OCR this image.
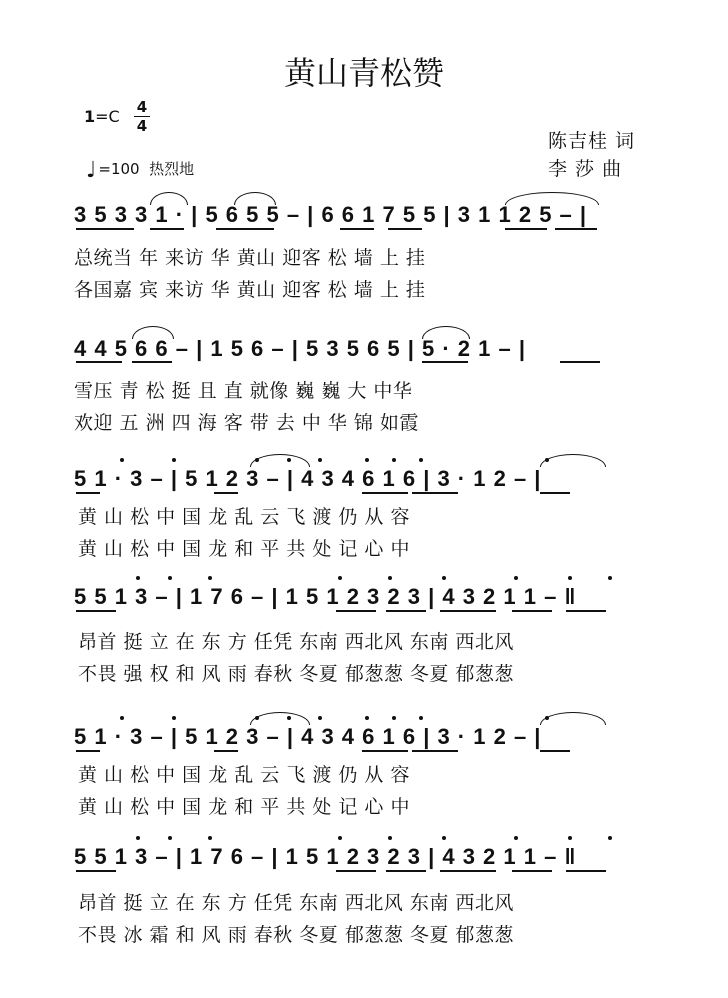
黄山青松赞
1=C 4
4
♩ =100 热烈地
陈吉桂 词
李 莎 曲
3 5 3 3 1 · | 5 6 5 5 – | 6 6 1 7 5 5 | 3 1 1 2 5 – |
总统当 年 来访 华 黄山 迎客 松 墙 上 挂
各国嘉 宾 来访 华 黄山 迎客 松 墙 上 挂
4 4 5 6 6 – | 1 5 6 – | 5 3 5 6 5 | 5 · 2 1 – |
雪压 青 松 挺 且 直 就像 巍 巍 大 中华
欢迎 五 洲 四 海 客 带 去 中 华 锦 如霞
5 1 · 3 – | 5 1 2 3 – | 4 3 4 6 1 6 | 3 · 1 2 – |
黄 山 松 中 国 龙 乱 云 飞 渡 仍 从 容
黄 山 松 中 国 龙 和 平 共 处 记 心 中
5 5 1 3 – | 1 7 6 – | 1 5 1 2 3 2 3 | 4 3 2 1 1 – ‖
昂首 挺 立 在 东 方 任凭 东南 西北风 东南 西北风
不畏 强 权 和 风 雨 春秋 冬夏 郁葱葱 冬夏 郁葱葱
5 1 · 3 – | 5 1 2 3 – | 4 3 4 6 1 6 | 3 · 1 2 – |
黄 山 松 中 国 龙 乱 云 飞 渡 仍 从 容
黄 山 松 中 国 龙 和 平 共 处 记 心 中
5 5 1 3 – | 1 7 6 – | 1 5 1 2 3 2 3 | 4 3 2 1 1 – ‖
昂首 挺 立 在 东 方 任凭 东南 西北风 东南 西北风
不畏 冰 霜 和 风 雨 春秋 冬夏 郁葱葱 冬夏 郁葱葱
